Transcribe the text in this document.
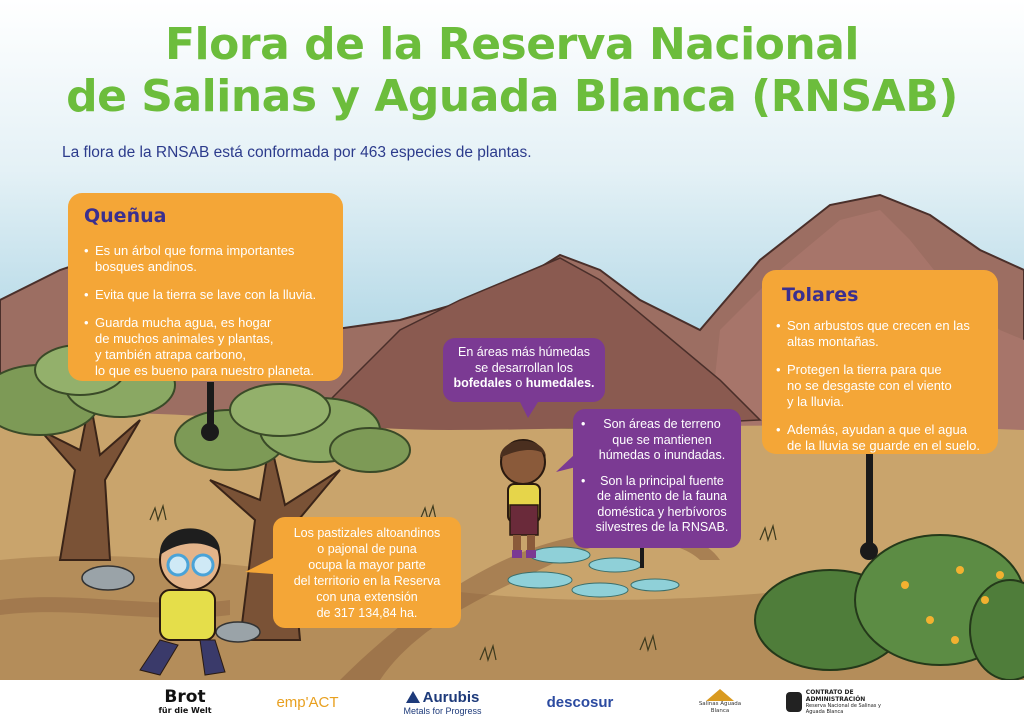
Flora de la Reserva Nacional
de Salinas y Aguada Blanca (RNSAB)
La flora de la RNSAB está conformada por 463 especies de plantas.
Queñua
• Es un árbol que forma importantes
bosques andinos.
• Evita que la tierra se lave con la lluvia.
• Guarda mucha agua, es hogar
de muchos animales y plantas,
y también atrapa carbono,
lo que es bueno para nuestro planeta.
Tolares
• Son arbustos que crecen en las
altas montañas.
• Protegen la tierra para que
no se desgaste con el viento
y la lluvia.
• Además, ayudan a que el agua
de la lluvia se guarde en el suelo.
En áreas más húmedas
se desarrollan los
bofedales o humedales.
•	Son áreas de terreno
que se mantienen
húmedas o inundadas.
•	Son la principal fuente
de alimento de la fauna
doméstica y herbívoros
silvestres de la RNSAB.
Los pastizales altoandinos
o pajonal de puna
ocupa la mayor parte
del territorio en la Reserva
con una extensión
de 317 134,84 ha.
Brot
für die Welt	emp'ACT	Aurubis
Metals for Progress	descosur	Salinas Aguada Blanca
CONTRATO DE ADMINISTRACIÓN
Reserva Nacional de Salinas y Aguada Blanca
